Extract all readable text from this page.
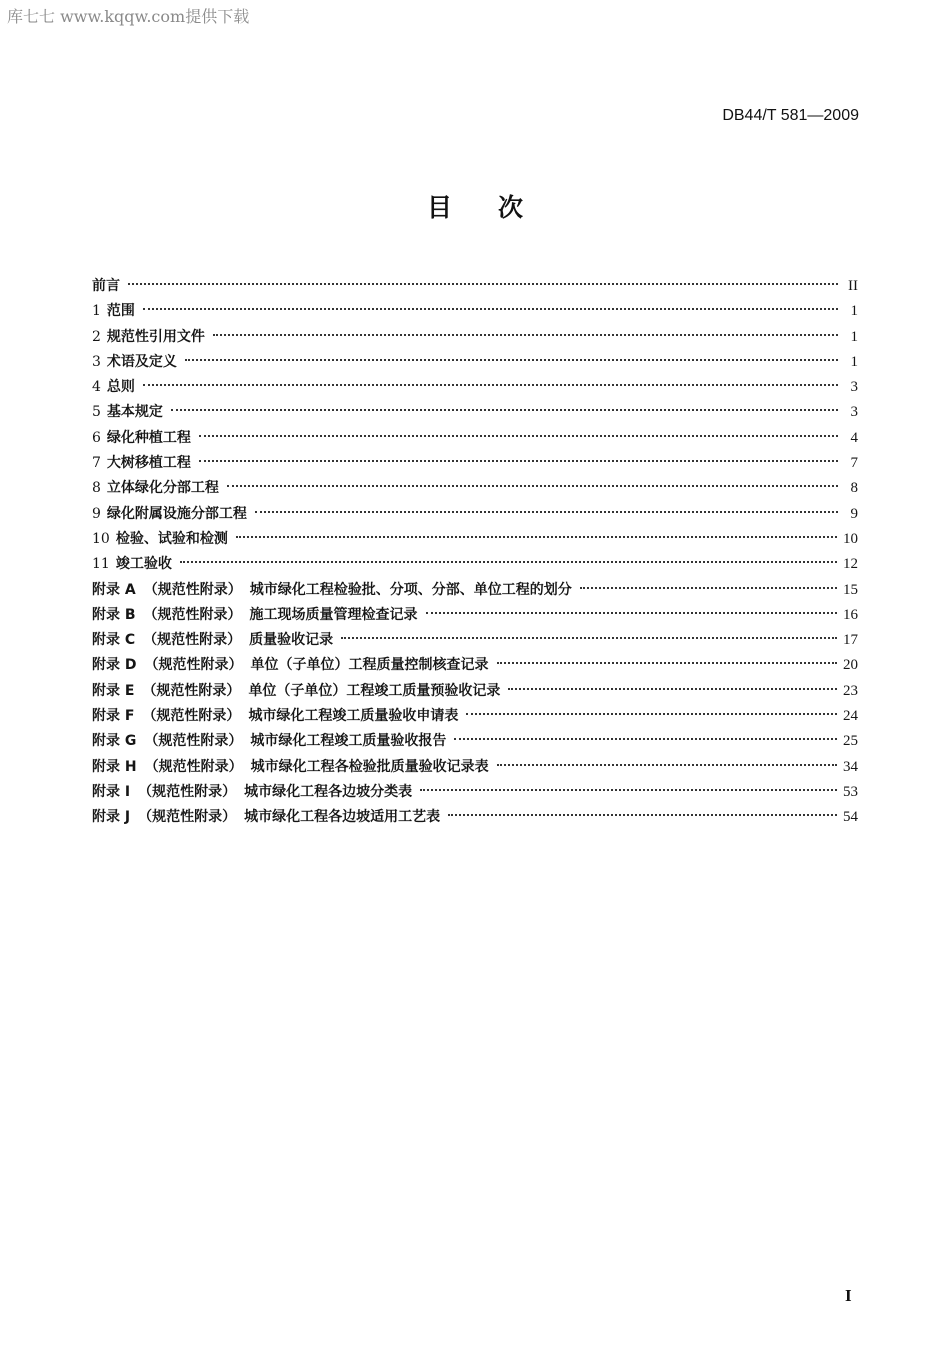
库七七 www.kqqw.com提供下载
DB44/T 581—2009
目次
前言	II
1 范围	1
2 规范性引用文件	1
3 术语及定义	1
4 总则	3
5 基本规定	3
6 绿化种植工程	4
7 大树移植工程	7
8 立体绿化分部工程	8
9 绿化附属设施分部工程	9
10 检验、试验和检测	10
11 竣工验收	12
附录 A （规范性附录） 城市绿化工程检验批、分项、分部、单位工程的划分	15
附录 B （规范性附录） 施工现场质量管理检查记录	16
附录 C （规范性附录） 质量验收记录	17
附录 D （规范性附录） 单位（子单位）工程质量控制核查记录	20
附录 E （规范性附录） 单位（子单位）工程竣工质量预验收记录	23
附录 F （规范性附录） 城市绿化工程竣工质量验收申请表	24
附录 G （规范性附录） 城市绿化工程竣工质量验收报告	25
附录 H （规范性附录） 城市绿化工程各检验批质量验收记录表	34
附录 I （规范性附录） 城市绿化工程各边坡分类表	53
附录 J （规范性附录） 城市绿化工程各边坡适用工艺表	54
I
